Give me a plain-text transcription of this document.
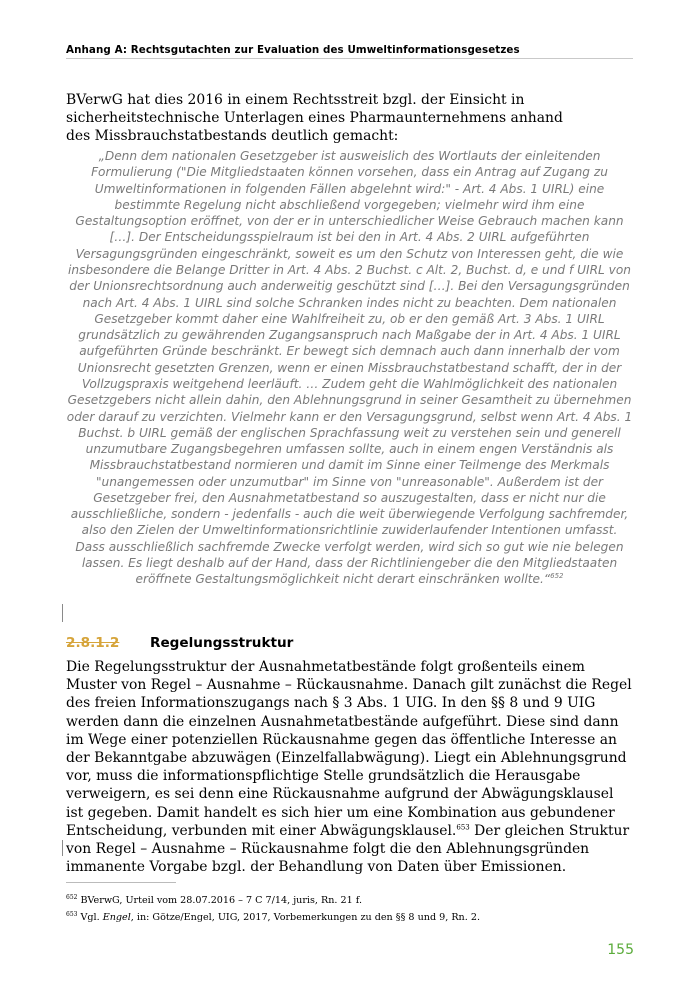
Anhang A: Rechtsgutachten zur Evaluation des Umweltinformationsgesetzes
BVerwG hat dies 2016 in einem Rechtsstreit bzgl. der Einsicht in sicherheitstechnische Unterlagen eines Pharmaunternehmens anhand des Missbrauchstatbestands deutlich gemacht:

„Denn dem nationalen Gesetzgeber ist ausweislich des Wortlauts der einleitenden Formulierung ("Die Mitgliedstaaten können vorsehen, dass ein Antrag auf Zugang zu Umweltinformationen in folgenden Fällen abgelehnt wird:" - Art. 4 Abs. 1 UIRL) eine bestimmte Regelung nicht abschließend vorgegeben; vielmehr wird ihm eine Gestaltungsoption eröffnet, von der er in unterschiedlicher Weise Gebrauch machen kann […]. Der Entscheidungsspielraum ist bei den in Art. 4 Abs. 2 UIRL aufgeführten Versagungsgründen eingeschränkt, soweit es um den Schutz von Interessen geht, die wie insbesondere die Belange Dritter in Art. 4 Abs. 2 Buchst. c Alt. 2, Buchst. d, e und f UIRL von der Unionsrechtsordnung auch anderweitig geschützt sind […]. Bei den Versagungsgründen nach Art. 4 Abs. 1 UIRL sind solche Schranken indes nicht zu beachten. Dem nationalen Gesetzgeber kommt daher eine Wahlfreiheit zu, ob er den gemäß Art. 3 Abs. 1 UIRL grundsätzlich zu gewährenden Zugangsanspruch nach Maßgabe der in Art. 4 Abs. 1 UIRL aufgeführten Gründe beschränkt. Er bewegt sich demnach auch dann innerhalb der vom Unionsrecht gesetzten Grenzen, wenn er einen Missbrauchstatbestand schafft, der in der Vollzugspraxis weitgehend leerläuft. … Zudem geht die Wahlmöglichkeit des nationalen Gesetzgebers nicht allein dahin, den Ablehnungsgrund in seiner Gesamtheit zu übernehmen oder darauf zu verzichten. Vielmehr kann er den Versagungsgrund, selbst wenn Art. 4 Abs. 1 Buchst. b UIRL gemäß der englischen Sprachfassung weit zu verstehen sein und generell unzumutbare Zugangsbegehren umfassen sollte, auch in einem engen Verständnis als Missbrauchstatbestand normieren und damit im Sinne einer Teilmenge des Merkmals "unangemessen oder unzumutbar" im Sinne von "unreasonable". Außerdem ist der Gesetzgeber frei, den Ausnahmetatbestand so auszugestalten, dass er nicht nur die ausschließliche, sondern - jedenfalls - auch die weit überwiegende Verfolgung sachfremder, also den Zielen der Umweltinformationsrichtlinie zuwiderlaufender Intentionen umfasst. Dass ausschließlich sachfremde Zwecke verfolgt werden, wird sich so gut wie nie belegen lassen. Es liegt deshalb auf der Hand, dass der Richtliniengeber die den Mitgliedstaaten eröffnete Gestaltungsmöglichkeit nicht derart einschränken wollte.“$^{652}$

2.8.1.2	Regelungsstruktur

Die Regelungsstruktur der Ausnahmetatbestände folgt großenteils einem Muster von Regel – Ausnahme – Rückausnahme. Danach gilt zunächst die Regel des freien Informationszugangs nach § 3 Abs. 1 UIG. In den §§ 8 und 9 UIG werden dann die einzelnen Ausnahmetatbestände aufgeführt. Diese sind dann im Wege einer potenziellen Rückausnahme gegen das öffentliche Interesse an der Bekanntgabe abzuwägen (Einzelfallabwägung). Liegt ein Ablehnungsgrund vor, muss die informationspflichtige Stelle grundsätzlich die Herausgabe verweigern, es sei denn eine Rückausnahme aufgrund der Abwägungsklausel ist gegeben. Damit handelt es sich hier um eine Kombination aus gebundener Entscheidung, verbunden mit einer Abwägungsklausel.$^{653}$ Der gleichen Struktur von Regel – Ausnahme – Rückausnahme folgt die den Ablehnungsgründen immanente Vorgabe bzgl. der Behandlung von Daten über Emissionen.

$^{652}$ BVerwG, Urteil vom 28.07.2016 – 7 C 7/14, juris, Rn. 21 f.
$^{653}$ Vgl. Engel, in: Götze/Engel, UIG, 2017, Vorbemerkungen zu den §§ 8 und 9, Rn. 2.
155
